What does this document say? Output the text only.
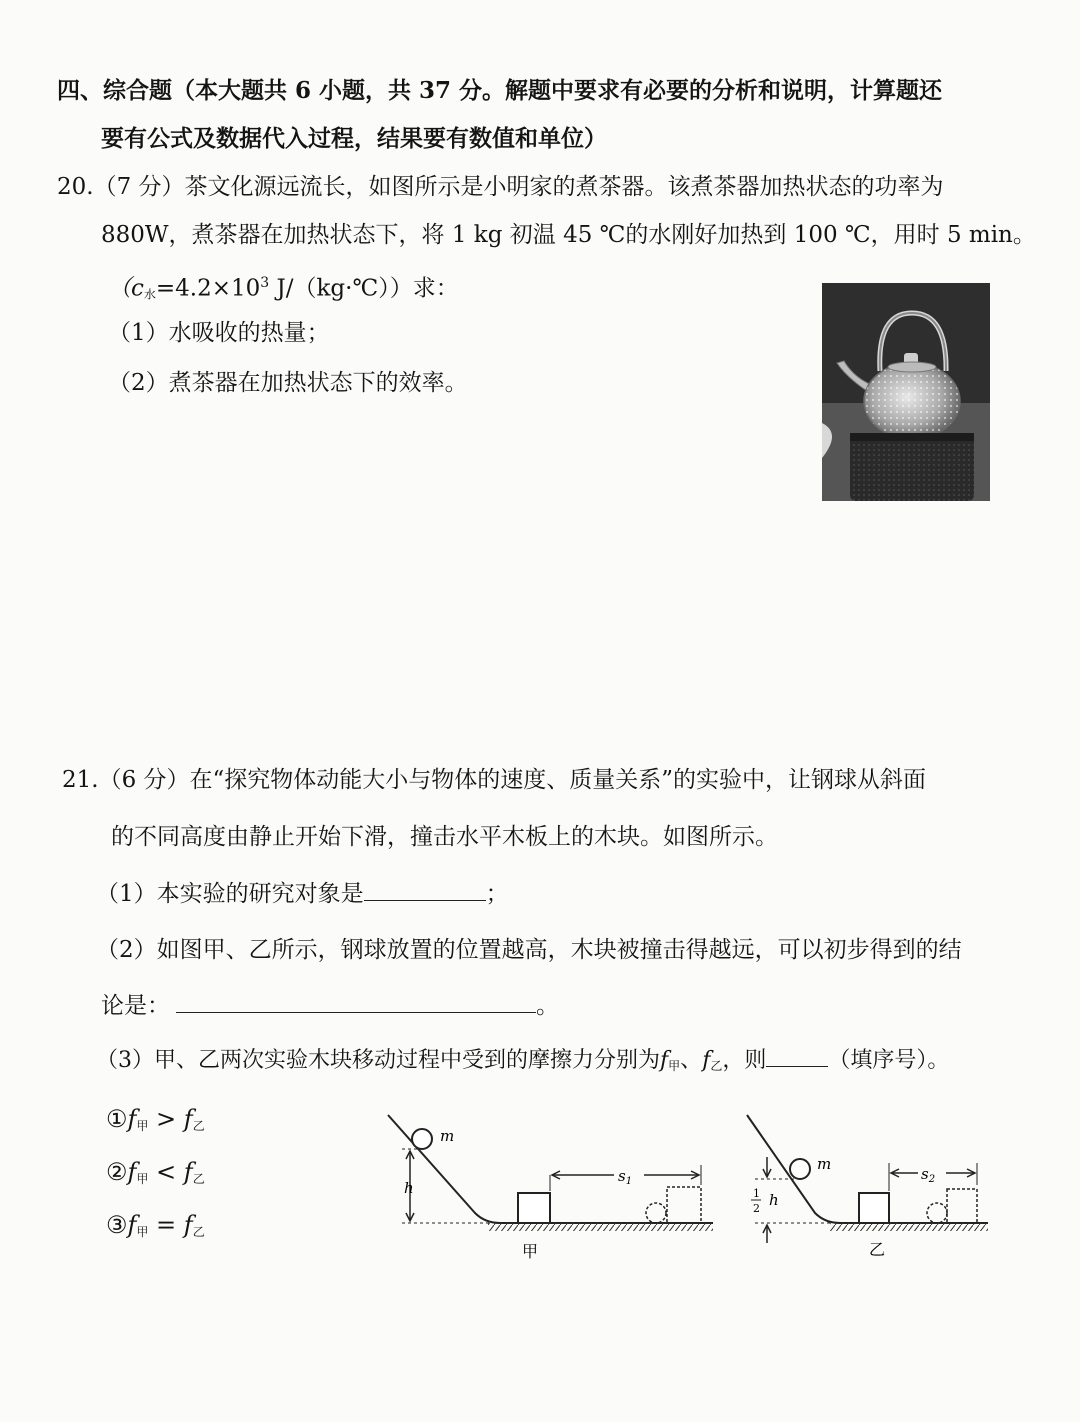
四、综合题（本大题共 6 小题，共 37 分。解题中要求有必要的分析和说明，计算题还
要有公式及数据代入过程，结果要有数值和单位）
20.（7 分）茶文化源远流长，如图所示是小明家的煮茶器。该煮茶器加热状态的功率为
880W，煮茶器在加热状态下，将 1 kg 初温 45 ℃的水刚好加热到 100 ℃，用时 5 min。
（$c_水=4.2\times 10^3$ J/（kg·℃））求：
（1）水吸收的热量；
（2）煮茶器在加热状态下的效率。
21.（6 分）在“探究物体动能大小与物体的速度、质量关系”的实验中，让钢球从斜面
的不同高度由静止开始下滑，撞击水平木板上的木块。如图所示。
（1）本实验的研究对象是	；
（2）如图甲、乙所示，钢球放置的位置越高，木块被撞击得越远，可以初步得到的结
论是：	。
（3）甲、乙两次实验木块移动过程中受到的摩擦力分别为$f_甲$、$f_乙$，则	（填序号）。
$①f_甲 > f_乙$
$②f_甲 < f_乙$
$③f_甲 = f_乙$
m
h
$s_1$
甲
m
1
2 h
$s_2$
乙
